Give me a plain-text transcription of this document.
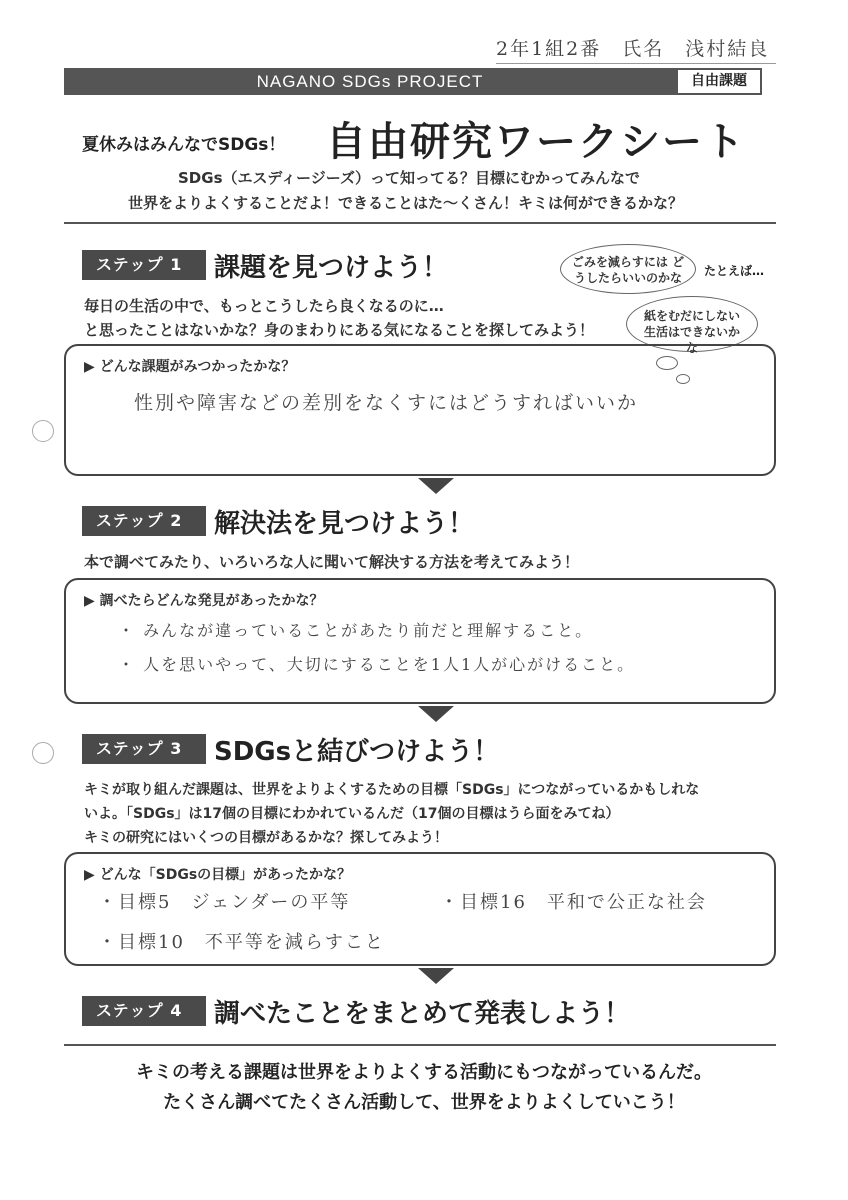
2年1組2番　氏名　浅村結良
NAGANO SDGs PROJECT	自由課題
夏休みはみんなでSDGs！ 自由研究ワークシート
SDGs（エスディージーズ）って知ってる？目標にむかってみんなで
世界をよりよくすることだよ！できることはた〜くさん！キミは何ができるかな？
ごみを減らすには どうしたらいいのかな	たとえば…
紙をむだにしない 生活はできないかな
ステップ 1	課題を見つけよう！
毎日の生活の中で、もっとこうしたら良くなるのに…
と思ったことはないかな？身のまわりにある気になることを探してみよう！
▶ どんな課題がみつかったかな？
性別や障害などの差別をなくすにはどうすればいいか
ステップ 2	解決法を見つけよう！
本で調べてみたり、いろいろな人に聞いて解決する方法を考えてみよう！
▶ 調べたらどんな発見があったかな？
・ みんなが違っていることがあたり前だと理解すること。
・ 人を思いやって、大切にすることを1人1人が心がけること。
ステップ 3	SDGsと結びつけよう！
キミが取り組んだ課題は、世界をよりよくするための目標「SDGs」につながっているかもしれな
いよ。「SDGs」は17個の目標にわかれているんだ（17個の目標はうら面をみてね）
キミの研究にはいくつの目標があるかな？探してみよう！
▶ どんな「SDGsの目標」があったかな？
・目標5　ジェンダーの平等	・目標16　平和で公正な社会
・目標10　不平等を減らすこと
ステップ 4	調べたことをまとめて発表しよう！
キミの考える課題は世界をよりよくする活動にもつながっているんだ。
たくさん調べてたくさん活動して、世界をよりよくしていこう！
